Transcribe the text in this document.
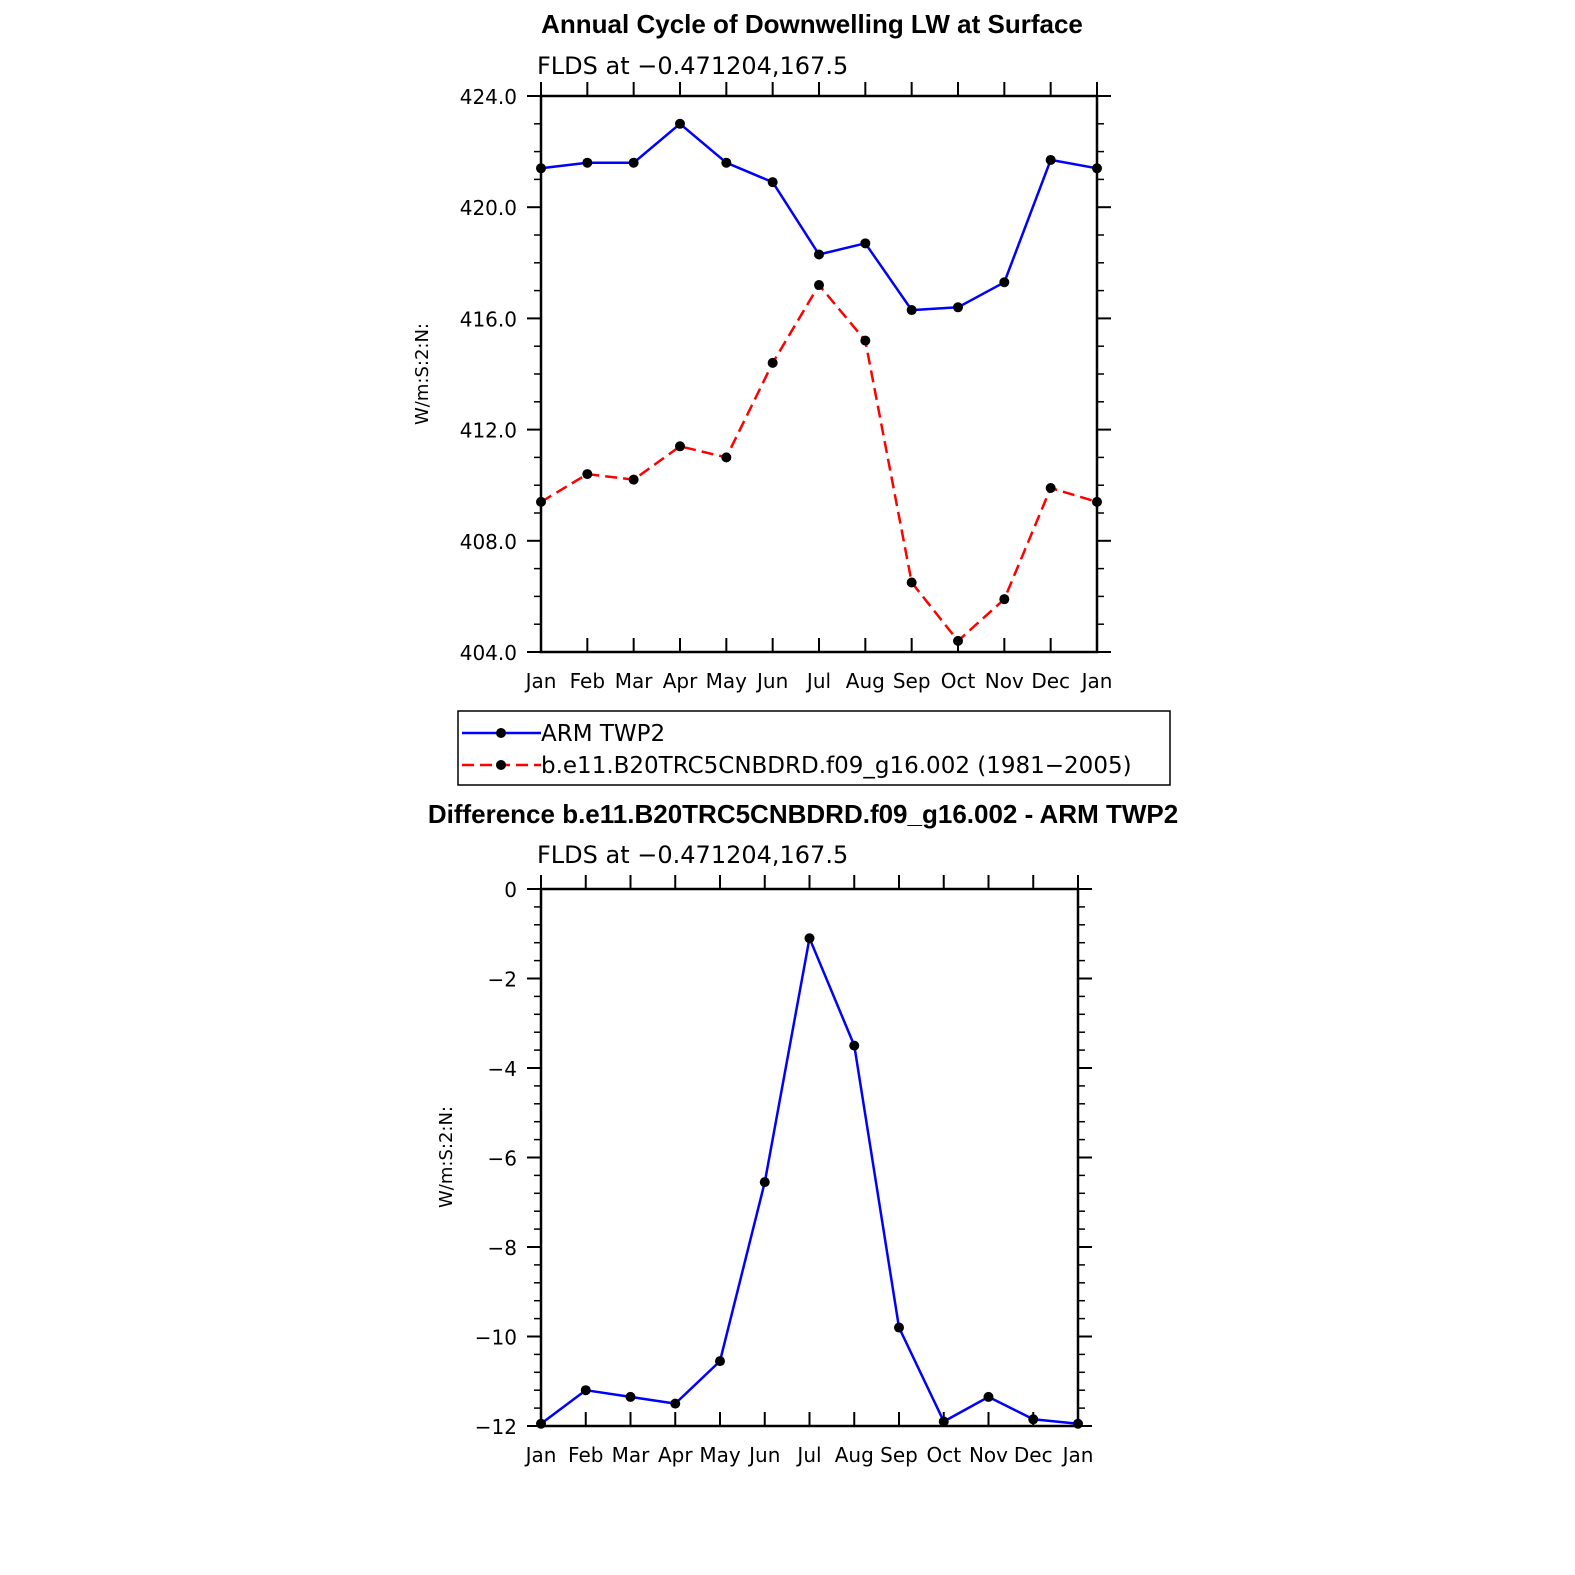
Annual Cycle of Downwelling LW at Surface
FLDS at −0.471204,167.5
Jan Feb Mar Apr May Jun Jul Aug Sep Oct Nov Dec Jan
404.0
408.0
412.0
416.0
420.0
424.0
W/m:S:2:N:
ARM TWP2
b.e11.B20TRC5CNBDRD.f09_g16.002 (1981−2005)
Difference b.e11.B20TRC5CNBDRD.f09_g16.002 - ARM TWP2
FLDS at −0.471204,167.5
Jan Feb Mar Apr May Jun Jul Aug Sep Oct Nov Dec Jan
−12
−10
−8
−6
−4
−2
0
W/m:S:2:N:
